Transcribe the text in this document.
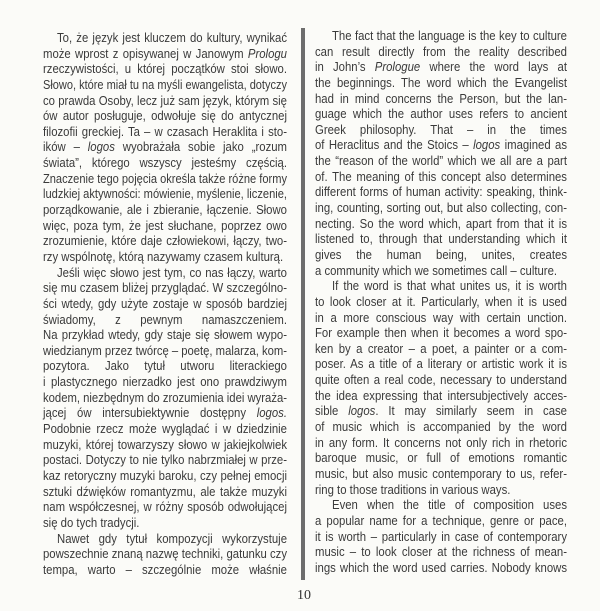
To, że język jest kluczem do kultury, wynikać
może wprost z opisywanej w Janowym Prologu
rzeczywistości, u której początków stoi słowo.
Słowo, które miał tu na myśli ewangelista, dotyczy
co prawda Osoby, lecz już sam język, którym się
ów autor posługuje, odwołuje się do antycznej
filozofii greckiej. Ta – w czasach Heraklita i sto-
ików – logos wyobrażała sobie jako „rozum
świata”, którego wszyscy jesteśmy częścią.
Znaczenie tego pojęcia określa także różne formy
ludzkiej aktywności: mówienie, myślenie, liczenie,
porządkowanie, ale i zbieranie, łączenie. Słowo
więc, poza tym, że jest słuchane, poprzez owo
zrozumienie, które daje człowiekowi, łączy, two-
rzy wspólnotę, którą nazywamy czasem kulturą.
Jeśli więc słowo jest tym, co nas łączy, warto
się mu czasem bliżej przyglądać. W szczególno-
ści wtedy, gdy użyte zostaje w sposób bardziej
świadomy, z pewnym namaszczeniem.
Na przykład wtedy, gdy staje się słowem wypo-
wiedzianym przez twórcę – poetę, malarza, kom-
pozytora. Jako tytuł utworu literackiego
i plastycznego nierzadko jest ono prawdziwym
kodem, niezbędnym do zrozumienia idei wyraża-
jącej ów intersubiektywnie dostępny logos.
Podobnie rzecz może wyglądać i w dziedzinie
muzyki, której towarzyszy słowo w jakiejkolwiek
postaci. Dotyczy to nie tylko nabrzmiałej w prze-
kaz retoryczny muzyki baroku, czy pełnej emocji
sztuki dźwięków romantyzmu, ale także muzyki
nam współczesnej, w różny sposób odwołującej
się do tych tradycji.
Nawet gdy tytuł kompozycji wykorzystuje
powszechnie znaną nazwę techniki, gatunku czy
tempa, warto – szczególnie może właśnie
The fact that the language is the key to culture
can result directly from the reality described
in John’s Prologue where the word lays at
the beginnings. The word which the Evangelist
had in mind concerns the Person, but the lan-
guage which the author uses refers to ancient
Greek philosophy. That – in the times
of Heraclitus and the Stoics – logos imagined as
the “reason of the world” which we all are a part
of. The meaning of this concept also determines
different forms of human activity: speaking, think-
ing, counting, sorting out, but also collecting, con-
necting. So the word which, apart from that it is
listened to, through that understanding which it
gives the human being, unites, creates
a community which we sometimes call – culture.
If the word is that what unites us, it is worth
to look closer at it. Particularly, when it is used
in a more conscious way with certain unction.
For example then when it becomes a word spo-
ken by a creator – a poet, a painter or a com-
poser. As a title of a literary or artistic work it is
quite often a real code, necessary to understand
the idea expressing that intersubjectively acces-
sible logos. It may similarly seem in case
of music which is accompanied by the word
in any form. It concerns not only rich in rhetoric
baroque music, or full of emotions romantic
music, but also music contemporary to us, refer-
ring to those traditions in various ways.
Even when the title of composition uses
a popular name for a technique, genre or pace,
it is worth – particularly in case of contemporary
music – to look closer at the richness of mean-
ings which the word used carries. Nobody knows
10
